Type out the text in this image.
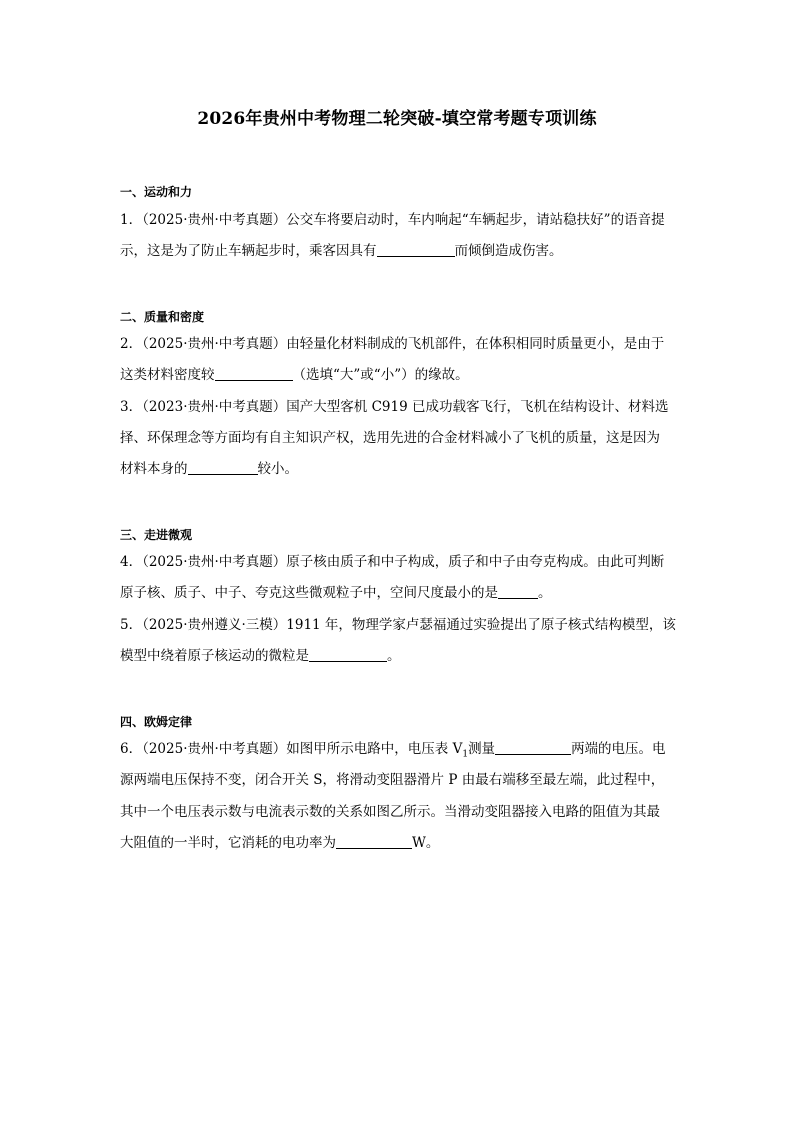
2026年贵州中考物理二轮突破-填空常考题专项训练
一、运动和力
1．（2025·贵州·中考真题）公交车将要启动时，车内响起“车辆起步，请站稳扶好”的语音提
示，这是为了防止车辆起步时，乘客因具有	而倾倒造成伤害。
二、质量和密度
2．（2025·贵州·中考真题）由轻量化材料制成的飞机部件，在体积相同时质量更小，是由于
这类材料密度较	（选填“大”或“小”）的缘故。
3．（2023·贵州·中考真题）国产大型客机 C919 已成功载客飞行，飞机在结构设计、材料选
择、环保理念等方面均有自主知识产权，选用先进的合金材料减小了飞机的质量，这是因为
材料本身的	较小。
三、走进微观
4．（2025·贵州·中考真题）原子核由质子和中子构成，质子和中子由夸克构成。由此可判断
原子核、质子、中子、夸克这些微观粒子中，空间尺度最小的是	。
5．（2025·贵州遵义·三模）1911 年，物理学家卢瑟福通过实验提出了原子核式结构模型，该
模型中绕着原子核运动的微粒是	。
四、欧姆定律
6．（2025·贵州·中考真题）如图甲所示电路中，电压表 $V_1$测量	两端的电压。电
源两端电压保持不变，闭合开关 S，将滑动变阻器滑片 P 由最右端移至最左端，此过程中，
其中一个电压表示数与电流表示数的关系如图乙所示。当滑动变阻器接入电路的阻值为其最
大阻值的一半时，它消耗的电功率为	W。
